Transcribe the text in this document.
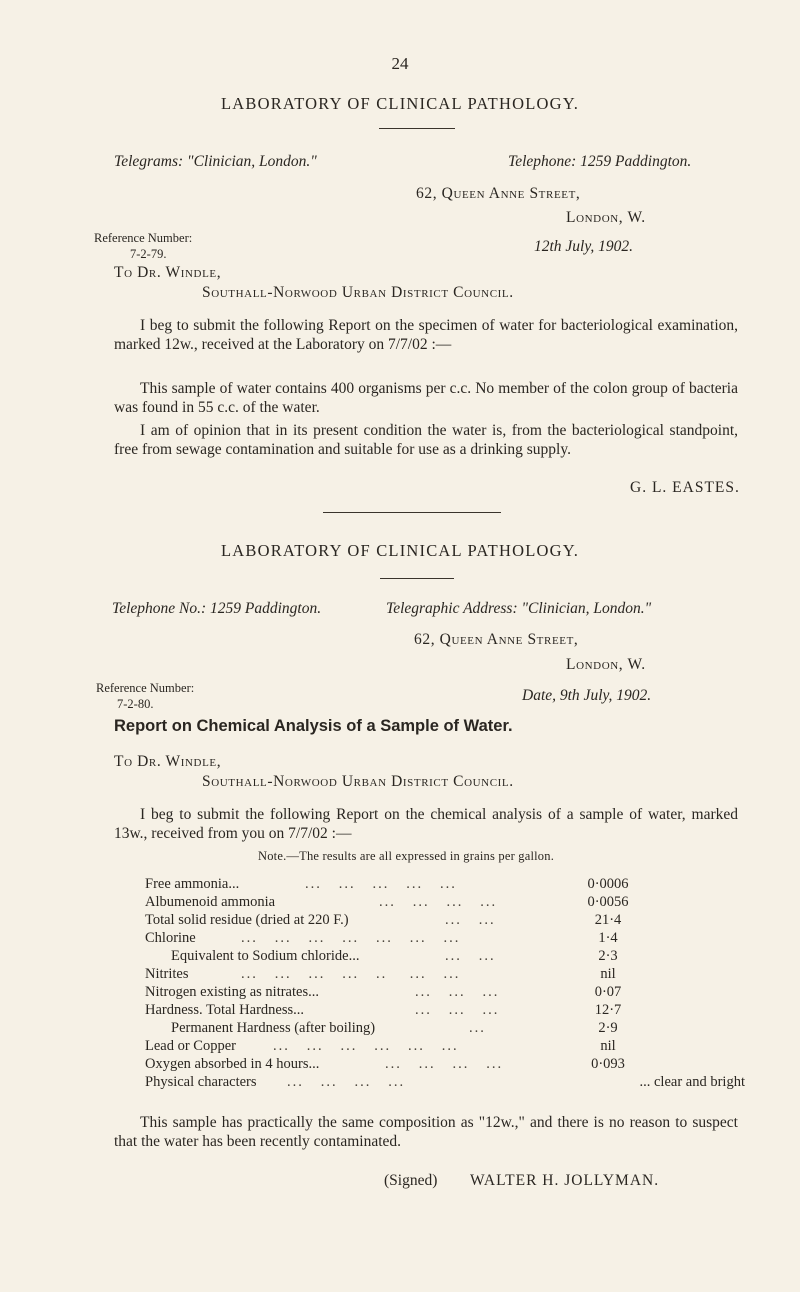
24
LABORATORY OF CLINICAL PATHOLOGY.
Telegrams: "Clinician, London."	Telephone: 1259 Paddington.
62, Queen Anne Street,
London, W.
Reference Number:
7-2-79.	12th July, 1902.
To Dr. Windle,
Southall-Norwood Urban District Council.

I beg to submit the following Report on the specimen of water for bacteriological examination, marked 12w., received at the Laboratory on 7/7/02 :—

This sample of water contains 400 organisms per c.c. No member of the colon group of bacteria was found in 55 c.c. of the water.

I am of opinion that in its present condition the water is, from the bacteriological standpoint, free from sewage contamination and suitable for use as a drinking supply.

G. L. EASTES.
LABORATORY OF CLINICAL PATHOLOGY.
Telephone No.: 1259 Paddington.	Telegraphic Address: "Clinician, London."
62, Queen Anne Street,
London, W.
Reference Number:
7-2-80.	Date, 9th July, 1902.
Report on Chemical Analysis of a Sample of Water.
To Dr. Windle,
Southall-Norwood Urban District Council.

I beg to submit the following Report on the chemical analysis of a sample of water, marked 13w., received from you on 7/7/02 :—

Note.—The results are all expressed in grains per gallon.
Free ammonia...	...   ...   ...   ...   ...	0·0006
Albumenoid ammonia	...   ...   ...   ...	0·0056
Total solid residue (dried at 220 F.)	...   ...	21·4
Chlorine	...   ...   ...   ...   ...   ...   ...	1·4
Equivalent to Sodium chloride...	...   ...	2·3
Nitrites	...   ...   ...   ...   ..    ...   ...	nil
Nitrogen existing as nitrates...	...   ...   ...	0·07
Hardness. Total Hardness...	...   ...   ...	12·7
Permanent Hardness (after boiling)	...	2·9
Lead or Copper	...   ...   ...   ...   ...   ...	nil
Oxygen absorbed in 4 hours...	...   ...   ...   ...	0·093
Physical characters ...   ...   ...   ...	... clear and bright

This sample has practically the same composition as "12w.," and there is no reason to suspect that the water has been recently contaminated.

(Signed) WALTER H. JOLLYMAN.
